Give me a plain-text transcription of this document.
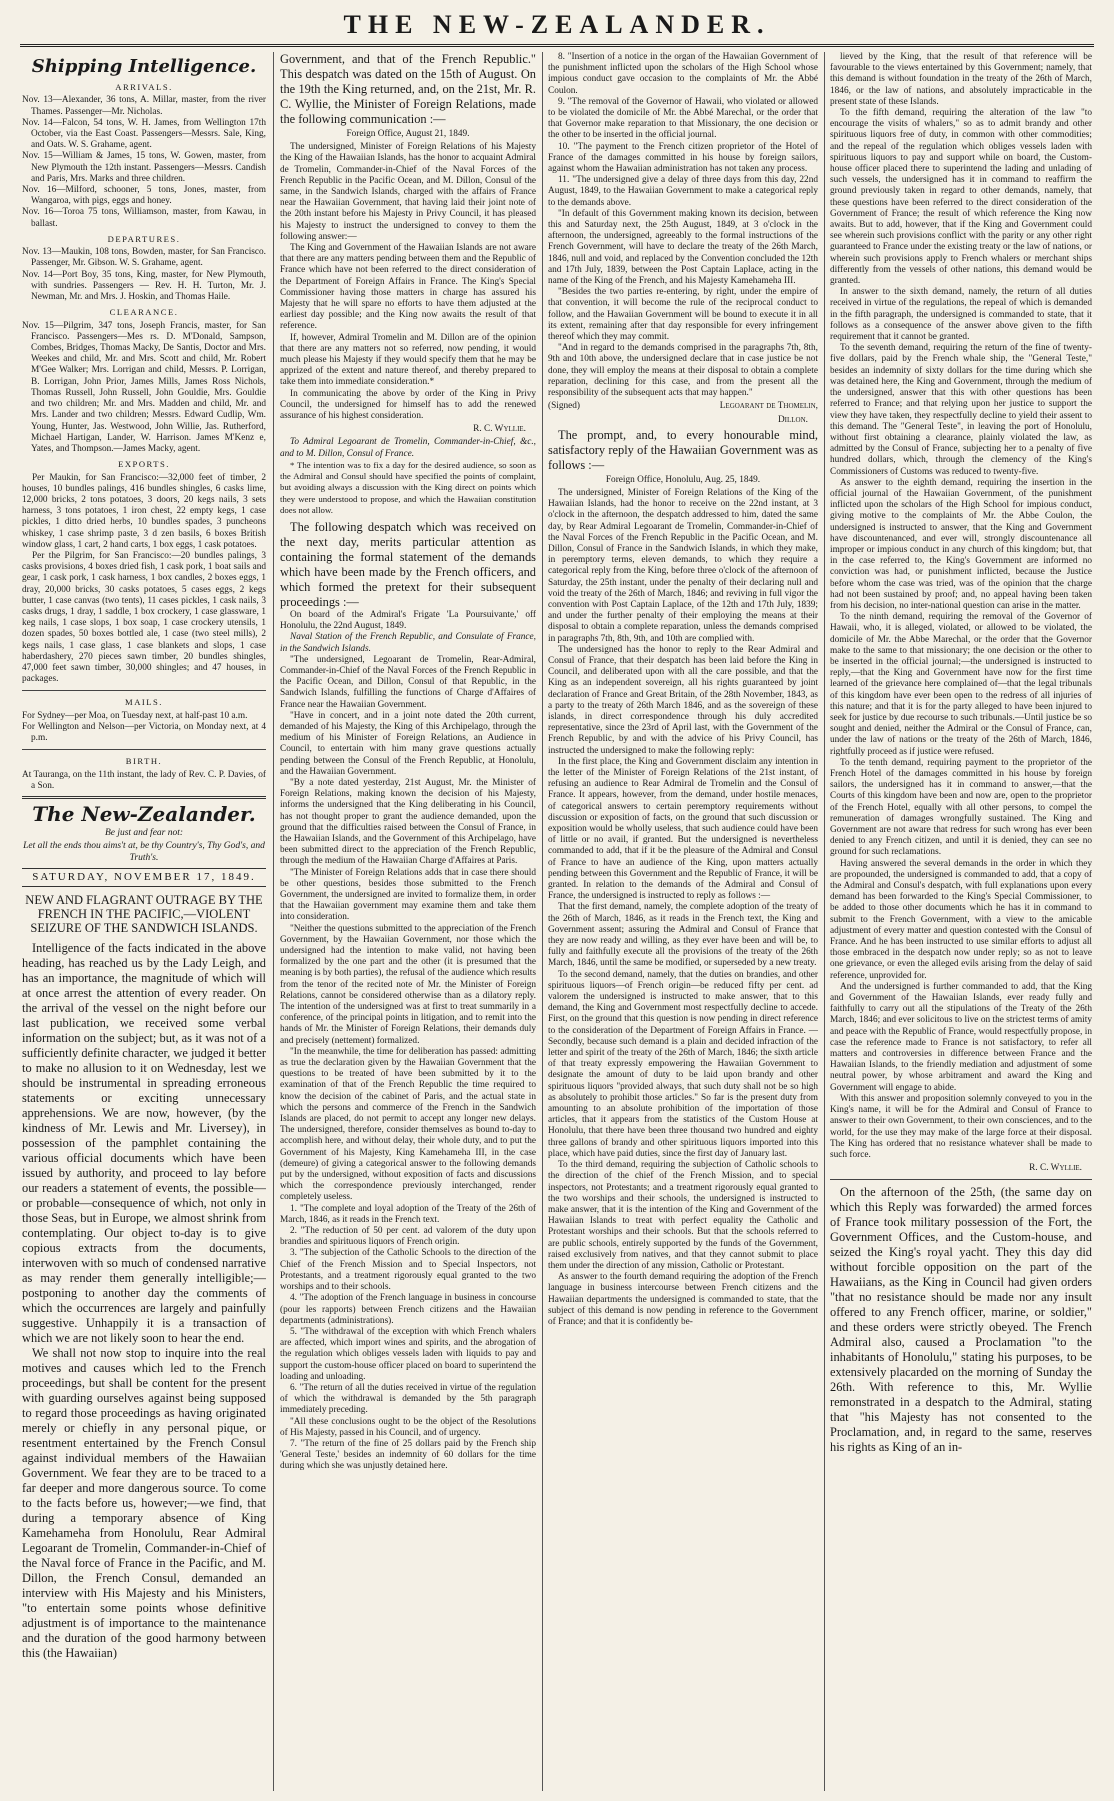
THE NEW-ZEALANDER.
Shipping Intelligence.
ARRIVALS.

Nov. 13—Alexander, 36 tons, A. Millar, master, from the river Thames. Passenger—Mr. Nicholas.

Nov. 14—Falcon, 54 tons, W. H. James, from Wellington 17th October, via the East Coast. Passengers—Messrs. Sale, King, and Oats. W. S. Grahame, agent.

Nov. 15—William & James, 15 tons, W. Gowen, master, from New Plymouth the 12th instant. Passengers—Messrs. Candish and Paris, Mrs. Marks and three children.

Nov. 16—Milford, schooner, 5 tons, Jones, master, from Wangaroa, with pigs, eggs and honey.

Nov. 16—Toroa 75 tons, Williamson, master, from Kawau, in ballast.

DEPARTURES.

Nov. 13—Maukin, 108 tons, Bowden, master, for San Francisco. Passenger, Mr. Gibson. W. S. Grahame, agent.

Nov. 14—Port Boy, 35 tons, King, master, for New Plymouth, with sundries. Passengers — Rev. H. H. Turton, Mr. J. Newman, Mr. and Mrs. J. Hoskin, and Thomas Haile.

CLEARANCE.

Nov. 15—Pilgrim, 347 tons, Joseph Francis, master, for San Francisco. Passengers—Mes rs. D. M'Donald, Sampson, Combes, Bridges, Thomas Macky, De Santis, Doctor and Mrs. Weekes and child, Mr. and Mrs. Scott and child, Mr. Robert M'Gee Walker; Mrs. Lorrigan and child, Messrs. P. Lorrigan, B. Lorrigan, John Prior, James Mills, James Ross Nichols, Thomas Russell, John Russell, John Gouldie, Mrs. Gouldie and two children; Mr. and Mrs. Madden and child, Mr. and Mrs. Lander and two children; Messrs. Edward Cudlip, Wm. Young, Hunter, Jas. Westwood, John Willie, Jas. Rutherford, Michael Hartigan, Lander, W. Harrison. James M'Kenz e, Yates, and Thompson.—James Macky, agent.

EXPORTS.

Per Maukin, for San Francisco:—32,000 feet of timber, 2 houses, 10 bundles palings, 416 bundles shingles, 6 casks lime, 12,000 bricks, 2 tons potatoes, 3 doors, 20 kegs nails, 3 sets harness, 3 tons potatoes, 1 iron chest, 22 empty kegs, 1 case pickles, 1 ditto dried herbs, 10 bundles spades, 3 puncheons whiskey, 1 case shrimp paste, 3 d zen basils, 6 boxes British window glass, 1 cart, 2 hand carts, 1 box eggs, 1 cask potatoes.

Per the Pilgrim, for San Francisco:—20 bundles palings, 3 casks provisions, 4 boxes dried fish, 1 cask pork, 1 boat sails and gear, 1 cask pork, 1 cask harness, 1 box candles, 2 boxes eggs, 1 dray, 20,000 bricks, 30 casks potatoes, 5 cases eggs, 2 kegs butter, 1 case canvas (two tents), 11 cases pickles, 1 cask nails, 3 casks drugs, 1 dray, 1 saddle, 1 box crockery, 1 case glassware, 1 keg nails, 1 case slops, 1 box soap, 1 case crockery utensils, 1 dozen spades, 50 boxes bottled ale, 1 case (two steel mills), 2 kegs nails, 1 case glass, 1 case blankets and slops, 1 case haberdashery, 270 pieces sawn timber, 20 bundles shingles, 47,000 feet sawn timber, 30,000 shingles; and 47 houses, in packages.

MAILS.

For Sydney—per Moa, on Tuesday next, at half-past 10 a.m.

For Wellington and Nelson—per Victoria, on Monday next, at 4 p.m.

BIRTH.

At Tauranga, on the 11th instant, the lady of Rev. C. P. Davies, of a Son.

The New-Zealander.

Be just and fear not:

Let all the ends thou aims't at, be thy Country's, Thy God's, and Truth's.

SATURDAY, NOVEMBER 17, 1849.
NEW AND FLAGRANT OUTRAGE BY THE FRENCH IN THE PACIFIC,—VIOLENT SEIZURE OF THE SANDWICH ISLANDS.

Intelligence of the facts indicated in the above heading, has reached us by the Lady Leigh, and has an importance, the magnitude of which will at once arrest the attention of every reader. On the arrival of the vessel on the night before our last publication, we received some verbal information on the subject; but, as it was not of a sufficiently definite character, we judged it better to make no allusion to it on Wednesday, lest we should be instrumental in spreading erroneous statements or exciting unnecessary apprehensions. We are now, however, (by the kindness of Mr. Lewis and Mr. Liversey), in possession of the pamphlet containing the various official documents which have been issued by authority, and proceed to lay before our readers a statement of events, the possible—or probable—consequence of which, not only in those Seas, but in Europe, we almost shrink from contemplating. Our object to-day is to give copious extracts from the documents, interwoven with so much of condensed narrative as may render them generally intelligible;—postponing to another day the comments of which the occurrences are largely and painfully suggestive. Unhappily it is a transaction of which we are not likely soon to hear the end.

We shall not now stop to inquire into the real motives and causes which led to the French proceedings, but shall be content for the present with guarding ourselves against being supposed to regard those proceedings as having originated merely or chiefly in any personal pique, or resentment entertained by the French Consul against individual members of the Hawaiian Government. We fear they are to be traced to a far deeper and more dangerous source. To come to the facts before us, however;—we find, that during a temporary absence of King Kamehameha from Honolulu, Rear Admiral Legoarant de Tromelin, Commander-in-Chief of the Naval force of France in the Pacific, and M. Dillon, the French Consul, demanded an interview with His Majesty and his Ministers, "to entertain some points whose definitive adjustment is of importance to the maintenance and the duration of the good harmony between this (the Hawaiian)

Government, and that of the French Republic." This despatch was dated on the 15th of August. On the 19th the King returned, and, on the 21st, Mr. R. C. Wyllie, the Minister of Foreign Relations, made the following communication :—

Foreign Office, August 21, 1849.

The undersigned, Minister of Foreign Relations of his Majesty the King of the Hawaiian Islands, has the honor to acquaint Admiral de Tromelin, Commander-in-Chief of the Naval Forces of the French Republic in the Pacific Ocean, and M. Dillon, Consul of the same, in the Sandwich Islands, charged with the affairs of France near the Hawaiian Government, that having laid their joint note of the 20th instant before his Majesty in Privy Council, it has pleased his Majesty to instruct the undersigned to convey to them the following answer:—

The King and Government of the Hawaiian Islands are not aware that there are any matters pending between them and the Republic of France which have not been referred to the direct consideration of the Department of Foreign Affairs in France. The King's Special Commissioner having those matters in charge has assured his Majesty that he will spare no efforts to have them adjusted at the earliest day possible; and the King now awaits the result of that reference.

If, however, Admiral Tromelin and M. Dillon are of the opinion that there are any matters not so referred, now pending, it would much please his Majesty if they would specify them that he may be apprized of the extent and nature thereof, and thereby prepared to take them into immediate consideration.*

In communicating the above by order of the King in Privy Council, the undersigned for himself has to add the renewed assurance of his highest consideration.

R. C. Wyllie.

To Admiral Legoarant de Tromelin, Commander-in-Chief, &c., and to M. Dillon, Consul of France.

* The intention was to fix a day for the desired audience, so soon as the Admiral and Consul should have specified the points of complaint, but avoiding always a discussion with the King direct on points which they were understood to propose, and which the Hawaiian constitution does not allow.

The following despatch which was received on the next day, merits particular attention as containing the formal statement of the demands which have been made by the French officers, and which formed the pretext for their subsequent proceedings :—

On board of the Admiral's Frigate 'La Poursuivante,' off Honolulu, the 22nd August, 1849.

Naval Station of the French Republic, and Consulate of France, in the Sandwich Islands.

"The undersigned, Legoarant de Tromelin, Rear-Admiral, Commander-in-Chief of the Naval Forces of the French Republic in the Pacific Ocean, and Dillon, Consul of that Republic, in the Sandwich Islands, fulfilling the functions of Charge d'Affaires of France near the Hawaiian Government.

"Have in concert, and in a joint note dated the 20th current, demanded of his Majesty, the King of this Archipelago, through the medium of his Minister of Foreign Relations, an Audience in Council, to entertain with him many grave questions actually pending between the Consul of the French Republic, at Honolulu, and the Hawaiian Government.

"By a note dated yesterday, 21st August, Mr. the Minister of Foreign Relations, making known the decision of his Majesty, informs the undersigned that the King deliberating in his Council, has not thought proper to grant the audience demanded, upon the ground that the difficulties raised between the Consul of France, in the Hawaiian Islands, and the Government of this Archipelago, have been submitted direct to the appreciation of the French Republic, through the medium of the Hawaiian Charge d'Affaires at Paris.

"The Minister of Foreign Relations adds that in case there should be other questions, besides those submitted to the French Government, the undersigned are invited to formalize them, in order that the Hawaiian government may examine them and take them into consideration.

"Neither the questions submitted to the appreciation of the French Government, by the Hawaiian Government, nor those which the undersigned had the intention to make valid, not having been formalized by the one part and the other (it is presumed that the meaning is by both parties), the refusal of the audience which results from the tenor of the recited note of Mr. the Minister of Foreign Relations, cannot be considered otherwise than as a dilatory reply. The intention of the undersigned was at first to treat summarily in a conference, of the principal points in litigation, and to remit into the hands of Mr. the Minister of Foreign Relations, their demands duly and precisely (nettement) formalized.

"In the meanwhile, the time for deliberation has passed: admitting as true the declaration given by the Hawaiian Government that the questions to be treated of have been submitted by it to the examination of that of the French Republic the time required to know the decision of the cabinet of Paris, and the actual state in which the persons and commerce of the French in the Sandwich Islands are placed, do not permit to accept any longer new delays. The undersigned, therefore, consider themselves as bound to-day to accomplish here, and without delay, their whole duty, and to put the Government of his Majesty, King Kamehameha III, in the case (demeure) of giving a categorical answer to the following demands put by the undersigned, without exposition of facts and discussions which the correspondence previously interchanged, render completely useless.

1. "The complete and loyal adoption of the Treaty of the 26th of March, 1846, as it reads in the French text.

2. "The reduction of 50 per cent. ad valorem of the duty upon brandies and spirituous liquors of French origin.

3. "The subjection of the Catholic Schools to the direction of the Chief of the French Mission and to Special Inspectors, not Protestants, and a treatment rigorously equal granted to the two worships and to their schools.

4. "The adoption of the French language in business in concourse (pour les rapports) between French citizens and the Hawaiian departments (administrations).

5. "The withdrawal of the exception with which French whalers are affected, which import wines and spirits, and the abrogation of the regulation which obliges vessels laden with liquids to pay and support the custom-house officer placed on board to superintend the loading and unloading.

6. "The return of all the duties received in virtue of the regulation of which the withdrawal is demanded by the 5th paragraph immediately preceding.

"All these conclusions ought to be the object of the Resolutions of His Majesty, passed in his Council, and of urgency.

7. "The return of the fine of 25 dollars paid by the French ship 'General Teste,' besides an indemnity of 60 dollars for the time during which she was unjustly detained here.

8. "Insertion of a notice in the organ of the Hawaiian Government of the punishment inflicted upon the scholars of the High School whose impious conduct gave occasion to the complaints of Mr. the Abbé Coulon.

9. "The removal of the Governor of Hawaii, who violated or allowed to be violated the domicile of Mr. the Abbé Marechal, or the order that that Governor make reparation to that Missionary, the one decision or the other to be inserted in the official journal.

10. "The payment to the French citizen proprietor of the Hotel of France of the damages committed in his house by foreign sailors, against whom the Hawaiian administration has not taken any process.

11. "The undersigned give a delay of three days from this day, 22nd August, 1849, to the Hawaiian Government to make a categorical reply to the demands above.

"In default of this Government making known its decision, between this and Saturday next, the 25th August, 1849, at 3 o'clock in the afternoon, the undersigned, agreeably to the formal instructions of the French Government, will have to declare the treaty of the 26th March, 1846, null and void, and replaced by the Convention concluded the 12th and 17th July, 1839, between the Post Captain Laplace, acting in the name of the King of the French, and his Majesty Kamehameha III.

"Besides the two parties re-entering, by right, under the empire of that convention, it will become the rule of the reciprocal conduct to follow, and the Hawaiian Government will be bound to execute it in all its extent, remaining after that day responsible for every infringement thereof which they may commit.

"And in regard to the demands comprised in the paragraphs 7th, 8th, 9th and 10th above, the undersigned declare that in case justice be not done, they will employ the means at their disposal to obtain a complete reparation, declining for this case, and from the present all the responsibility of the subsequent acts that may happen."

(Signed)	Legoarant de Thomelin,

Dillon.

The prompt, and, to every honourable mind, satisfactory reply of the Hawaiian Government was as follows :—

Foreign Office, Honolulu, Aug. 25, 1849.

The undersigned, Minister of Foreign Relations of the King of the Hawaiian Islands, had the honor to receive on the 22nd instant, at 3 o'clock in the afternoon, the despatch addressed to him, dated the same day, by Rear Admiral Legoarant de Tromelin, Commander-in-Chief of the Naval Forces of the French Republic in the Pacific Ocean, and M. Dillon, Consul of France in the Sandwich Islands, in which they make, in peremptory terms, eleven demands, to which they require a categorical reply from the King, before three o'clock of the afternoon of Saturday, the 25th instant, under the penalty of their declaring null and void the treaty of the 26th of March, 1846; and reviving in full vigor the convention with Post Captain Laplace, of the 12th and 17th July, 1839; and under the further penalty of their employing the means at their disposal to obtain a complete reparation, unless the demands comprised in paragraphs 7th, 8th, 9th, and 10th are complied with.

The undersigned has the honor to reply to the Rear Admiral and Consul of France, that their despatch has been laid before the King in Council, and deliberated upon with all the care possible, and that the King as an independent sovereign, all his rights guaranteed by joint declaration of France and Great Britain, of the 28th November, 1843, as a party to the treaty of 26th March 1846, and as the sovereign of these islands, in direct correspondence through his duly accredited representative, since the 23rd of April last, with the Government of the French Republic, by and with the advice of his Privy Council, has instructed the undersigned to make the following reply:

In the first place, the King and Government disclaim any intention in the letter of the Minister of Foreign Relations of the 21st instant, of refusing an audience to Rear Admiral de Tromelin and the Consul of France. It appears, however, from the demand, under hostile menaces, of categorical answers to certain peremptory requirements without discussion or exposition of facts, on the ground that such discussion or exposition would be wholly useless, that such audience could have been of little or no avail, if granted. But the undersigned is nevertheless commanded to add, that if it be the pleasure of the Admiral and Consul of France to have an audience of the King, upon matters actually pending between this Government and the Republic of France, it will be granted. In relation to the demands of the Admiral and Consul of France, the undersigned is instructed to reply as follows :—

That the first demand, namely, the complete adoption of the treaty of the 26th of March, 1846, as it reads in the French text, the King and Government assent; assuring the Admiral and Consul of France that they are now ready and willing, as they ever have been and will be, to fully and faithfully execute all the provisions of the treaty of the 26th March, 1846, until the same be modified, or superseded by a new treaty.

To the second demand, namely, that the duties on brandies, and other spirituous liquors—of French origin—be reduced fifty per cent. ad valorem the undersigned is instructed to make answer, that to this demand, the King and Government most respectfully decline to accede. First, on the ground that this question is now pending in direct reference to the consideration of the Department of Foreign Affairs in France. —Secondly, because such demand is a plain and decided infraction of the letter and spirit of the treaty of the 26th of March, 1846; the sixth article of that treaty expressly empowering the Hawaiian Government to designate the amount of duty to be laid upon brandy and other spirituous liquors "provided always, that such duty shall not be so high as absolutely to prohibit those articles." So far is the present duty from amounting to an absolute prohibition of the importation of those articles, that it appears from the statistics of the Custom House at Honolulu, that there have been three thousand two hundred and eighty three gallons of brandy and other spirituous liquors imported into this place, which have paid duties, since the first day of January last.

To the third demand, requiring the subjection of Catholic schools to the direction of the chief of the French Mission, and to special inspectors, not Protestants; and a treatment rigorously equal granted to the two worships and their schools, the undersigned is instructed to make answer, that it is the intention of the King and Government of the Hawaiian Islands to treat with perfect equality the Catholic and Protestant worships and their schools. But that the schools referred to are public schools, entirely supported by the funds of the Government, raised exclusively from natives, and that they cannot submit to place them under the direction of any mission, Catholic or Protestant.

As answer to the fourth demand requiring the adoption of the French language in business intercourse between French citizens and the Hawaiian departments the undersigned is commanded to state, that the subject of this demand is now pending in reference to the Government of France; and that it is confidently be-

lieved by the King, that the result of that reference will be favourable to the views entertained by this Government; namely, that this demand is without foundation in the treaty of the 26th of March, 1846, or the law of nations, and absolutely impracticable in the present state of these Islands.

To the fifth demand, requiring the alteration of the law "to encourage the visits of whalers," so as to admit brandy and other spirituous liquors free of duty, in common with other commodities; and the repeal of the regulation which obliges vessels laden with spirituous liquors to pay and support while on board, the Custom-house officer placed there to superintend the lading and unlading of such vessels, the undersigned has it in command to reaffirm the ground previously taken in regard to other demands, namely, that these questions have been referred to the direct consideration of the Government of France; the result of which reference the King now awaits. But to add, however, that if the King and Government could see wherein such provisions conflict with the parity or any other right guaranteed to France under the existing treaty or the law of nations, or wherein such provisions apply to French whalers or merchant ships differently from the vessels of other nations, this demand would be granted.

In answer to the sixth demand, namely, the return of all duties received in virtue of the regulations, the repeal of which is demanded in the fifth paragraph, the undersigned is commanded to state, that it follows as a consequence of the answer above given to the fifth requirement that it cannot be granted.

To the seventh demand, requiring the return of the fine of twenty-five dollars, paid by the French whale ship, the "General Teste," besides an indemnity of sixty dollars for the time during which she was detained here, the King and Government, through the medium of the undersigned, answer that this with other questions has been referred to France; and that relying upon her justice to support the view they have taken, they respectfully decline to yield their assent to this demand. The "General Teste", in leaving the port of Honolulu, without first obtaining a clearance, plainly violated the law, as admitted by the Consul of France, subjecting her to a penalty of five hundred dollars, which, through the clemency of the King's Commissioners of Customs was reduced to twenty-five.

As answer to the eighth demand, requiring the insertion in the official journal of the Hawaiian Government, of the punishment inflicted upon the scholars of the High School for impious conduct, giving motive to the complaints of Mr. the Abbe Coulon, the undersigned is instructed to answer, that the King and Government have discountenanced, and ever will, strongly discountenance all improper or impious conduct in any church of this kingdom; but, that in the case referred to, the King's Government are informed no conviction was had, or punishment inflicted, because the Justice before whom the case was tried, was of the opinion that the charge had not been sustained by proof; and, no appeal having been taken from his decision, no inter-national question can arise in the matter.

To the ninth demand, requiring the removal of the Governor of Hawaii, who, it is alleged, violated, or allowed to be violated, the domicile of Mr. the Abbe Marechal, or the order that the Governor make to the same to that missionary; the one decision or the other to be inserted in the official journal;—the undersigned is instructed to reply,—that the King and Government have now for the first time learned of the grievance here complained of—that the legal tribunals of this kingdom have ever been open to the redress of all injuries of this nature; and that it is for the party alleged to have been injured to seek for justice by due recourse to such tribunals.—Until justice be so sought and denied, neither the Admiral or the Consul of France, can, under the law of nations or the treaty of the 26th of March, 1846, rightfully proceed as if justice were refused.

To the tenth demand, requiring payment to the proprietor of the French Hotel of the damages committed in his house by foreign sailors, the undersigned has it in command to answer,—that the Courts of this kingdom have been and now are, open to the proprietor of the French Hotel, equally with all other persons, to compel the remuneration of damages wrongfully sustained. The King and Government are not aware that redress for such wrong has ever been denied to any French citizen, and until it is denied, they can see no ground for such reclamations.

Having answered the several demands in the order in which they are propounded, the undersigned is commanded to add, that a copy of the Admiral and Consul's despatch, with full explanations upon every demand has been forwarded to the King's Special Commissioner, to be added to those other documents which he has it in command to submit to the French Government, with a view to the amicable adjustment of every matter and question contested with the Consul of France. And he has been instructed to use similar efforts to adjust all those embraced in the despatch now under reply; so as not to leave one grievance, or even the alleged evils arising from the delay of said reference, unprovided for.

And the undersigned is further commanded to add, that the King and Government of the Hawaiian Islands, ever ready fully and faithfully to carry out all the stipulations of the Treaty of the 26th March, 1846; and ever solicitous to live on the strictest terms of amity and peace with the Republic of France, would respectfully propose, in case the reference made to France is not satisfactory, to refer all matters and controversies in difference between France and the Hawaiian Islands, to the friendly mediation and adjustment of some neutral power, by whose arbitrament and award the King and Government will engage to abide.

With this answer and proposition solemnly conveyed to you in the King's name, it will be for the Admiral and Consul of France to answer to their own Government, to their own consciences, and to the world, for the use they may make of the large force at their disposal. The King has ordered that no resistance whatever shall be made to such force.

R. C. Wyllie.

On the afternoon of the 25th, (the same day on which this Reply was forwarded) the armed forces of France took military possession of the Fort, the Government Offices, and the Custom-house, and seized the King's royal yacht. They this day did without forcible opposition on the part of the Hawaiians, as the King in Council had given orders "that no resistance should be made nor any insult offered to any French officer, marine, or soldier," and these orders were strictly obeyed. The French Admiral also, caused a Proclamation "to the inhabitants of Honolulu," stating his purposes, to be extensively placarded on the morning of Sunday the 26th. With reference to this, Mr. Wyllie remonstrated in a despatch to the Admiral, stating that "his Majesty has not consented to the Proclamation, and, in regard to the same, reserves his rights as King of an in-
